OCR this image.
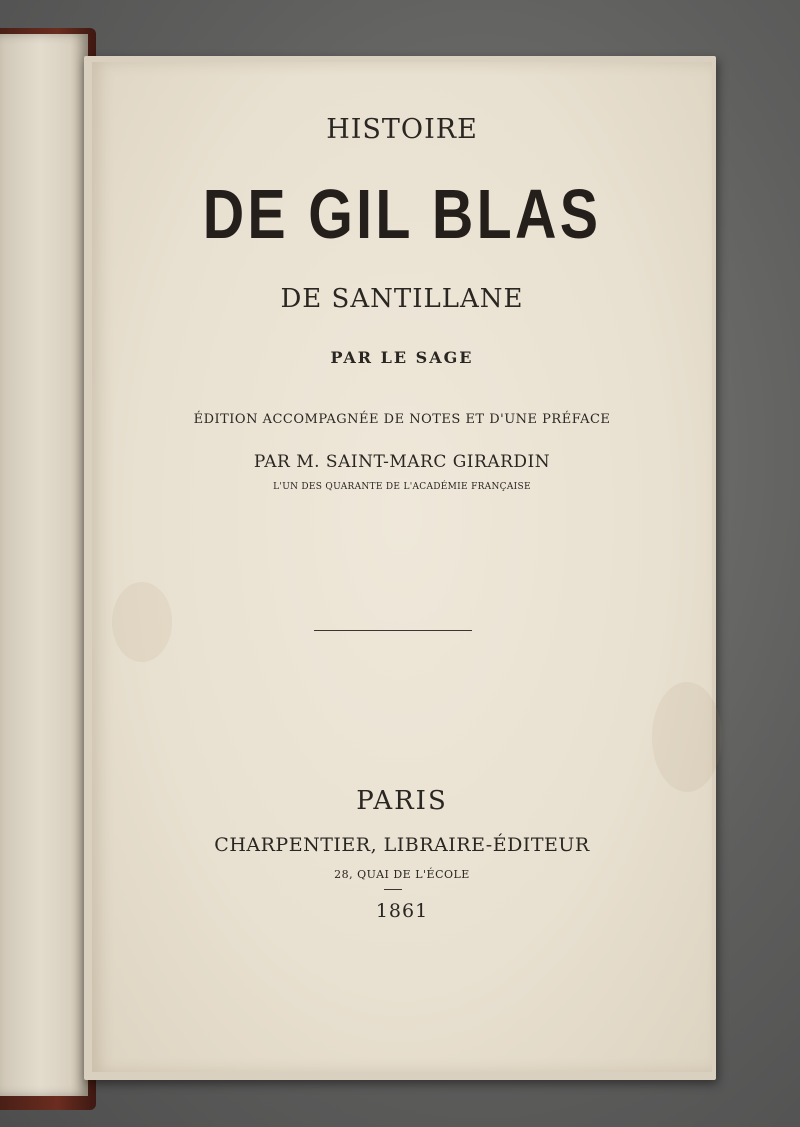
HISTOIRE
DE GIL BLAS
DE SANTILLANE
PAR LE SAGE
ÉDITION ACCOMPAGNÉE DE NOTES ET D'UNE PRÉFACE
PAR M. SAINT-MARC GIRARDIN
L'UN DES QUARANTE DE L'ACADÉMIE FRANÇAISE
PARIS
CHARPENTIER, LIBRAIRE-ÉDITEUR
28, QUAI DE L'ÉCOLE
1861
